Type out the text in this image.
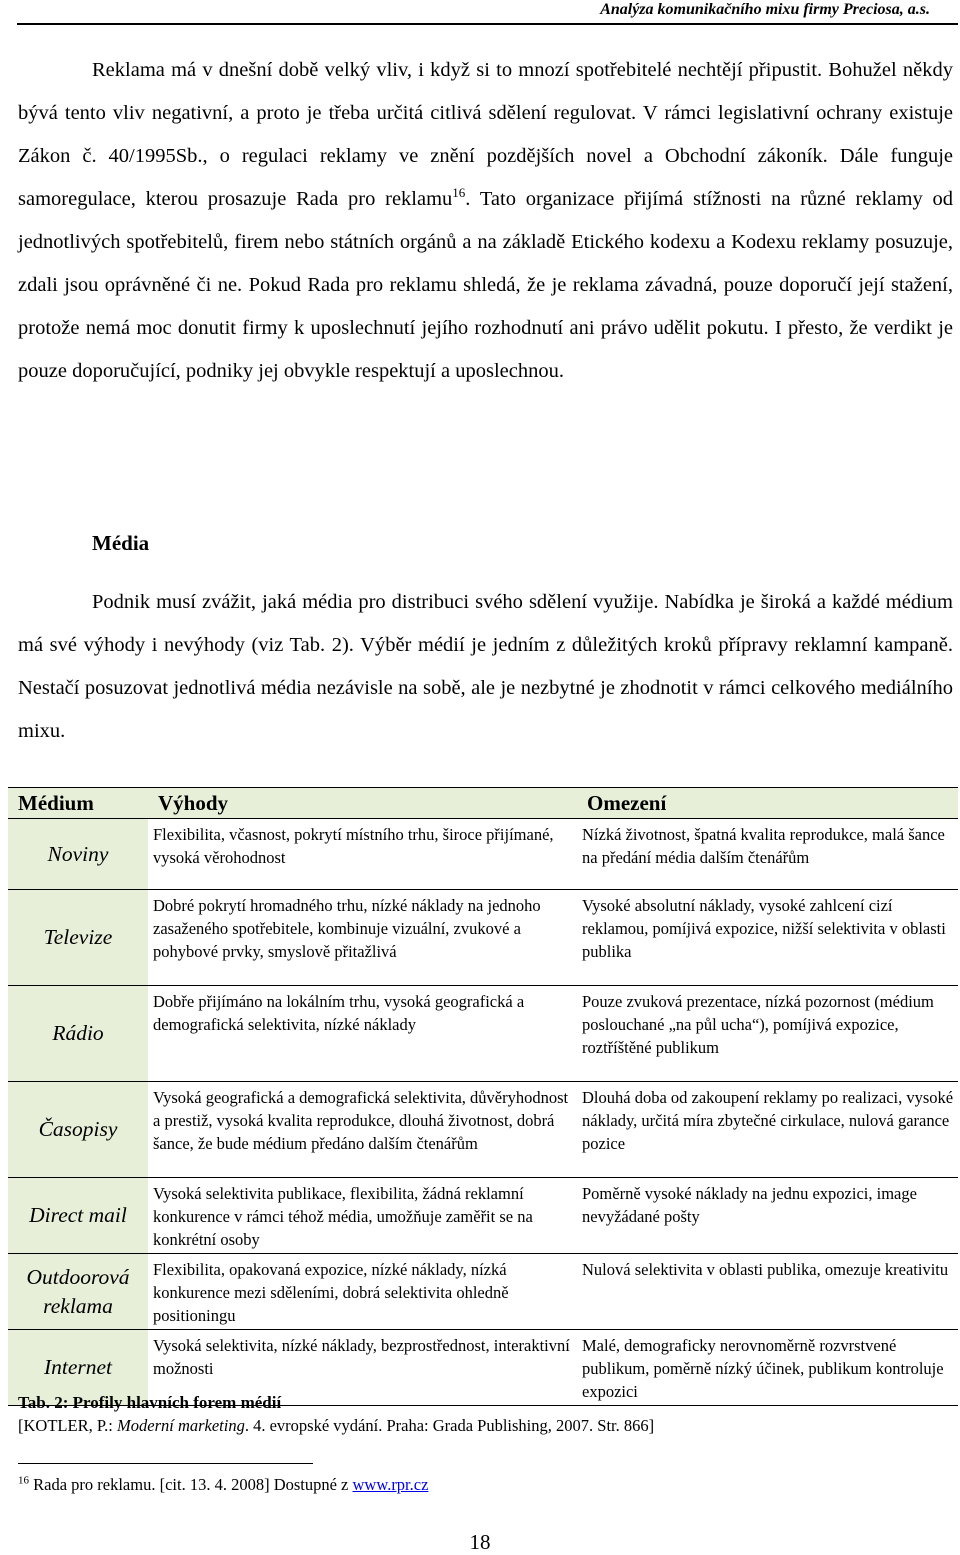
Analýza komunikačního mixu firmy Preciosa, a.s.
Reklama má v dnešní době velký vliv, i když si to mnozí spotřebitelé nechtějí připustit. Bohužel někdy bývá tento vliv negativní, a proto je třeba určitá citlivá sdělení regulovat. V rámci legislativní ochrany existuje Zákon č. 40/1995Sb., o regulaci reklamy ve znění pozdějších novel a Obchodní zákoník. Dále funguje samoregulace, kterou prosazuje Rada pro reklamu$^{16}$. Tato organizace přijímá stížnosti na různé reklamy od jednotlivých spotřebitelů, firem nebo státních orgánů a na základě Etického kodexu a Kodexu reklamy posuzuje, zdali jsou oprávněné či ne. Pokud Rada pro reklamu shledá, že je reklama závadná, pouze doporučí její stažení, protože nemá moc donutit firmy k uposlechnutí jejího rozhodnutí ani právo udělit pokutu. I přesto, že verdikt je pouze doporučující, podniky jej obvykle respektují a uposlechnou.
Média
Podnik musí zvážit, jaká média pro distribuci svého sdělení využije. Nabídka je široká a každé médium má své výhody i nevýhody (viz Tab. 2). Výběr médií je jedním z důležitých kroků přípravy reklamní kampaně. Nestačí posuzovat jednotlivá média nezávisle na sobě, ale je nezbytné je zhodnotit v rámci celkového mediálního mixu.
Médium	Výhody	Omezení
Noviny	Flexibilita, včasnost, pokrytí místního trhu, široce přijímané, vysoká věrohodnost	Nízká životnost, špatná kvalita reprodukce, malá šance na předání média dalším čtenářům
Televize	Dobré pokrytí hromadného trhu, nízké náklady na jednoho zasaženého spotřebitele, kombinuje vizuální, zvukové a pohybové prvky, smyslově přitažlivá	Vysoké absolutní náklady, vysoké zahlcení cizí reklamou, pomíjivá expozice, nižší selektivita v oblasti publika
Rádio	Dobře přijímáno na lokálním trhu, vysoká geografická a demografická selektivita, nízké náklady	Pouze zvuková prezentace, nízká pozornost (médium poslouchané „na půl ucha“), pomíjivá expozice, roztříštěné publikum
Časopisy	Vysoká geografická a demografická selektivita, důvěryhodnost a prestiž, vysoká kvalita reprodukce, dlouhá životnost, dobrá šance, že bude médium předáno dalším čtenářům	Dlouhá doba od zakoupení reklamy po realizaci, vysoké náklady, určitá míra zbytečné cirkulace, nulová garance pozice
Direct mail	Vysoká selektivita publikace, flexibilita, žádná reklamní konkurence v rámci téhož média, umožňuje zaměřit se na konkrétní osoby	Poměrně vysoké náklady na jednu expozici, image nevyžádané pošty
Outdoorová reklama	Flexibilita, opakovaná expozice, nízké náklady, nízká konkurence mezi sděleními, dobrá selektivita ohledně positioningu	Nulová selektivita v oblasti publika, omezuje kreativitu
Internet	Vysoká selektivita, nízké náklady, bezprostřednost, interaktivní možnosti	Malé, demograficky nerovnoměrně rozvrstvené publikum, poměrně nízký účinek, publikum kontroluje expozici
Tab. 2: Profily hlavních forem médií
[KOTLER, P.: Moderní marketing. 4. evropské vydání. Praha: Grada Publishing, 2007. Str. 866]
$^{16}$ Rada pro reklamu. [cit. 13. 4. 2008] Dostupné z www.rpr.cz
18
